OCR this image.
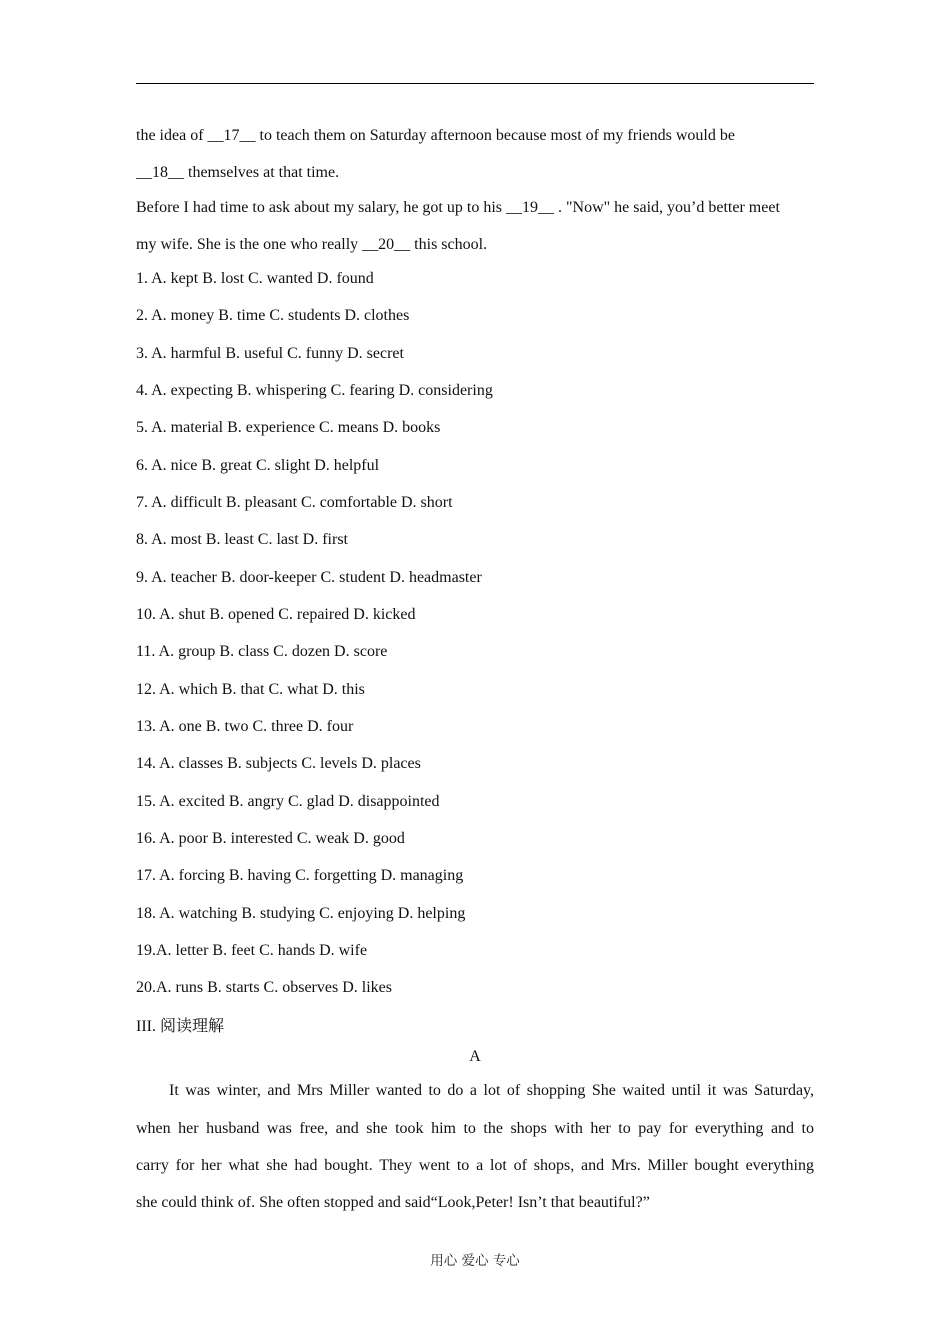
the idea of __17__ to teach them on Saturday afternoon because most of my friends would be
__18__ themselves at that time.
Before I had time to ask about my salary, he got up to his __19__ . "Now" he said, you’d better meet
my wife. She is the one who really __20__ this school.
1. A. kept B. lost C. wanted D. found
2. A. money B. time C. students D. clothes
3. A. harmful B. useful C. funny D. secret
4. A. expecting B. whispering C. fearing D. considering
5. A. material B. experience C. means D. books
6. A. nice B. great C. slight D. helpful
7. A. difficult B. pleasant C. comfortable D. short
8. A. most B. least C. last D. first
9. A. teacher B. door-keeper C. student D. headmaster
10. A. shut B. opened C. repaired D. kicked
11. A. group B. class C. dozen D. score
12. A. which B. that C. what D. this
13. A. one B. two C. three D. four
14. A. classes B. subjects C. levels D. places
15. A. excited B. angry C. glad D. disappointed
16. A. poor B. interested C. weak D. good
17. A. forcing B. having C. forgetting D. managing
18. A. watching B. studying C. enjoying D. helping
19.A. letter B. feet C. hands D. wife
20.A. runs B. starts C. observes D. likes
III. 阅读理解
A
It was winter, and Mrs Miller wanted to do a lot of shopping She waited until it was Saturday,
when her husband was free, and she took him to the shops with her to pay for everything and to
carry for her what she had bought. They went to a lot of shops, and Mrs. Miller bought everything
she could think of. She often stopped and said“Look,Peter! Isn’t that beautiful?”
用心 爱心 专心
